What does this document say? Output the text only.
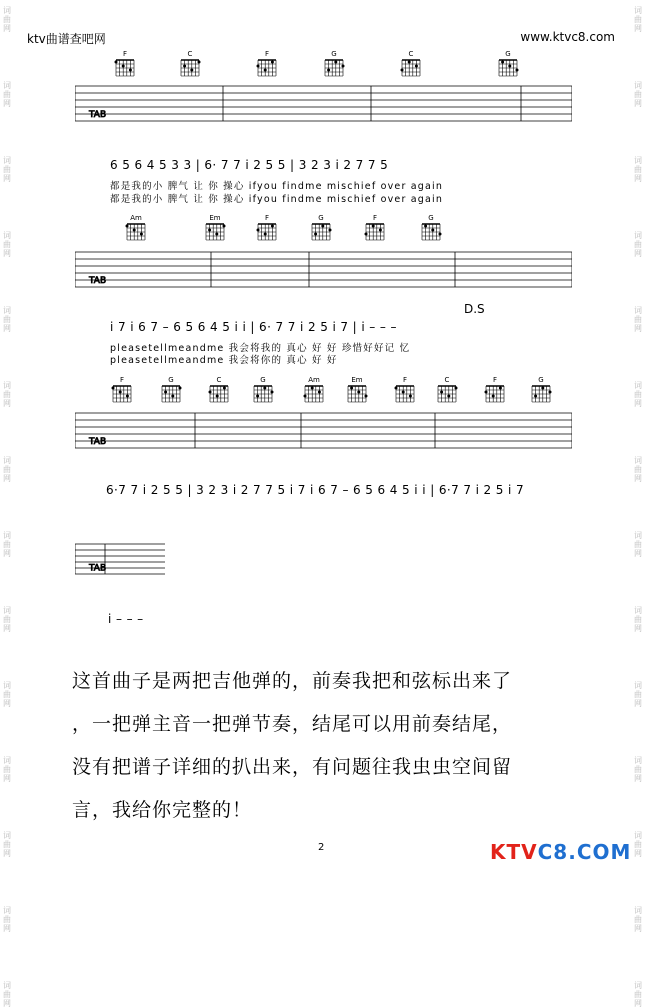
词
曲
网
词
曲
网
词
曲
网
词
曲
网
词
曲
网
词
曲
网
词
曲
网
词
曲
网
词
曲
网
词
曲
网
词
曲
网
词
曲
网
词
曲
网
词
曲
网
词
曲
网
词
曲
网
词
曲
网
词
曲
网
词
曲
网
词
曲
网
词
曲
网
词
曲
网
词
曲
网
词
曲
网
词
曲
网
词
曲
网
词
曲
网
词
曲
网
ktv曲谱查吧网	www.ktvc8.com
TAB
6 5 6 4 5 3 3 | 6· 7 7 i 2 5 5 | 3 2 3 i 2 7 7 5
都是我的小 脾气 让 你 操心 ifyou findme mischief over again
都是我的小 脾气 让 你 操心 ifyou findme mischief over again
TAB
D.S
i 7 i 6 7 – 6 5 6 4 5 i i | 6· 7 7 i 2 5 i 7 | i – – –
pleasetellmeandme 我会将我的 真心 好 好 珍惜好好记 忆
pleasetellmeandme 我会将你的 真心 好 好
TAB
6·7 7 i 2 5 5 | 3 2 3 i 2 7 7 5 i 7 i 6 7 – 6 5 6 4 5 i i | 6·7 7 i 2 5 i 7
TAB
i – – –
这首曲子是两把吉他弹的，前奏我把和弦标出来了
，一把弹主音一把弹节奏，结尾可以用前奏结尾，
没有把谱子详细的扒出来，有问题往我虫虫空间留
言，我给你完整的！
2	KTVC8.COM
F	C	F	G	C	G
Am	Em	F	G	F	G
F	G	C	G	Am	Em	F	C	F	G
